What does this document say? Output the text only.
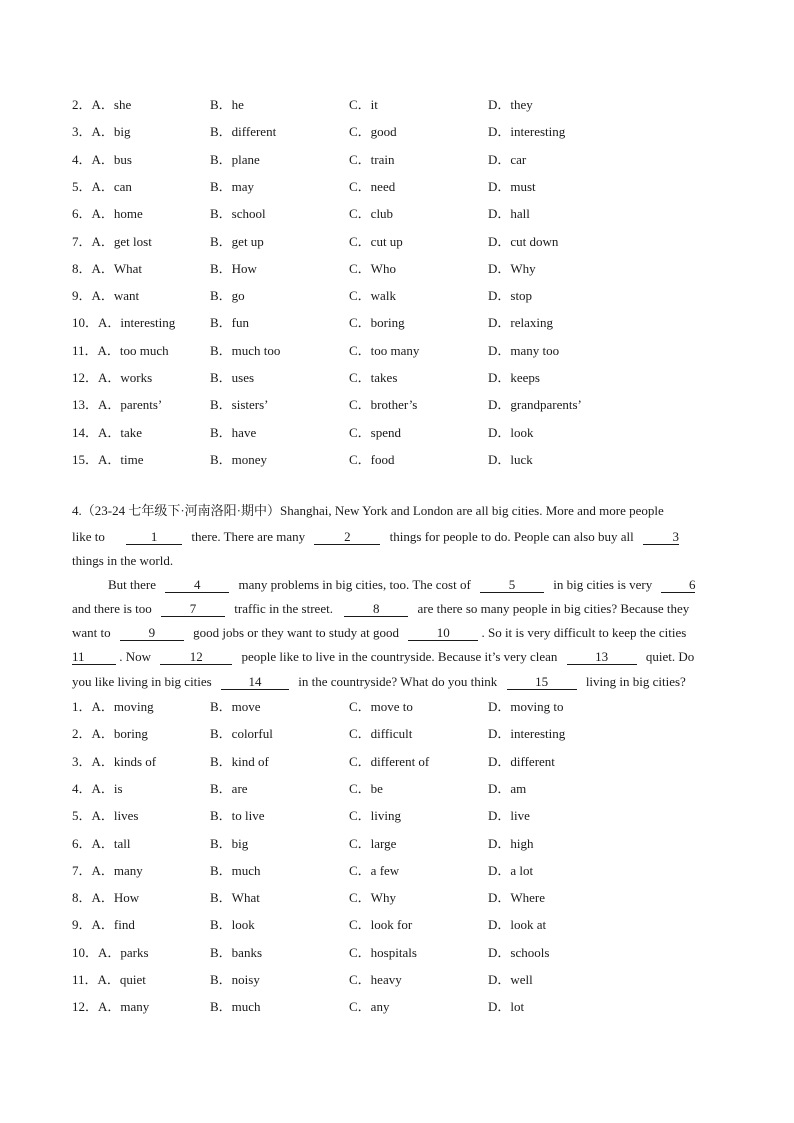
2．A．she	B．he	C．it	D．they
3．A．big	B．different	C．good	D．interesting
4．A．bus	B．plane	C．train	D．car
5．A．can	B．may	C．need	D．must
6．A．home	B．school	C．club	D．hall
7．A．get lost	B．get up	C．cut up	D．cut down
8．A．What	B．How	C．Who	D．Why
9．A．want	B．go	C．walk	D．stop
10．A．interesting	B．fun	C．boring	D．relaxing
11．A．too much	B．much too	C．too many	D．many too
12．A．works	B．uses	C．takes	D．keeps
13．A．parents’	B．sisters’	C．brother’s	D．grandparents’
14．A．take	B．have	C．spend	D．look
15．A．time	B．money	C．food	D．luck
4.（23-24 七年级下·河南洛阳·期中）Shanghai, New York and London are all big cities. More and more people
like to	1	there. There are many	2	things for people to do. People can also buy all	3
things in the world.
But there	4	many problems in big cities, too. The cost of	5	in big cities is very	6
and there is too	7	traffic in the street.	8	are there so many people in big cities? Because they
want to	9	good jobs or they want to study at good	10 . So it is very difficult to keep the cities
11	. Now	12	people like to live in the countryside. Because it’s very clean	13	quiet. Do
you like living in big cities	14	in the countryside? What do you think	15	living in big cities?
1．A．moving	B．move	C．move to	D．moving to
2．A．boring	B．colorful	C．difficult	D．interesting
3．A．kinds of	B．kind of	C．different of	D．different
4．A．is	B．are	C．be	D．am
5．A．lives	B．to live	C．living	D．live
6．A．tall	B．big	C．large	D．high
7．A．many	B．much	C．a few	D．a lot
8．A．How	B．What	C．Why	D．Where
9．A．find	B．look	C．look for	D．look at
10．A．parks	B．banks	C．hospitals	D．schools
11．A．quiet	B．noisy	C．heavy	D．well
12．A．many	B．much	C．any	D．lot
